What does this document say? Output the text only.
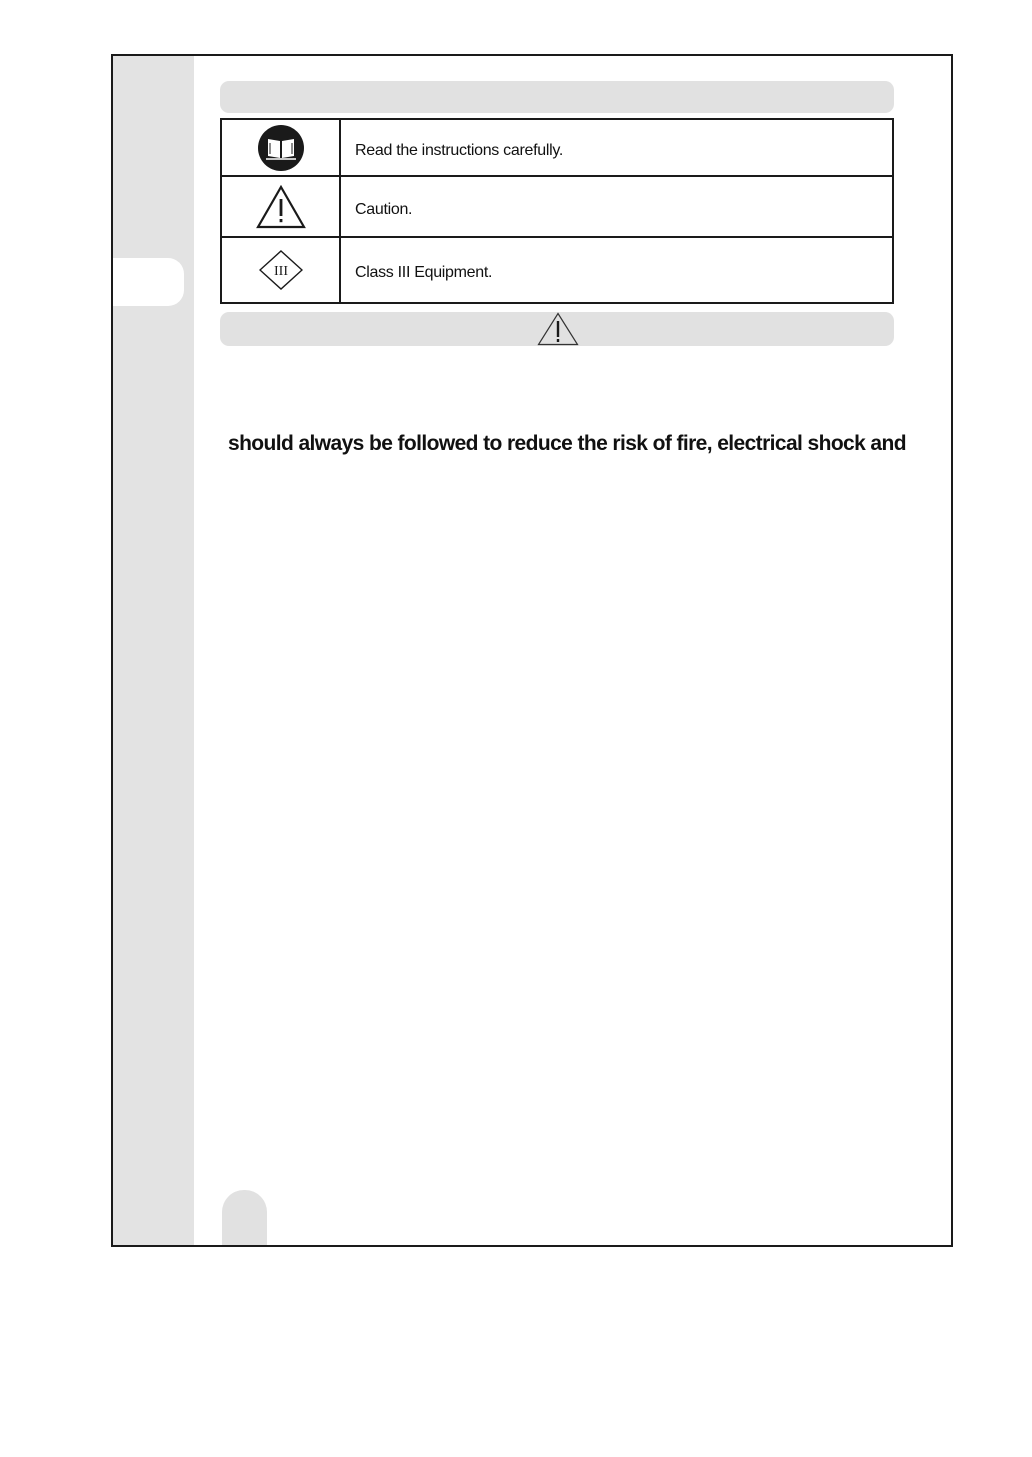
Read the instructions carefully.
Caution.
III	Class III Equipment.
should always be followed to reduce the risk of fire, electrical shock and
